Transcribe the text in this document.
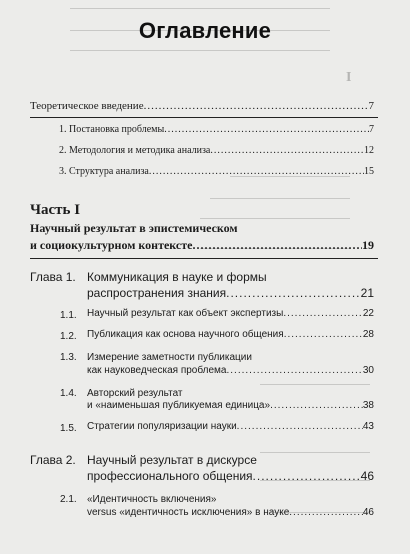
Ι
Оглавление
Теоретическое введение .....	7
1. Постановка проблемы .....	7
2. Методология и методика анализа .....	12
3. Структура анализа .....	15
Часть I
Научный результат в эпистемическом
и социокультурном контексте .....	19
Глава 1. Коммуникация в науке и формы
распространения знания .....	21
1.1. Научный результат как объект экспертизы .....	22
1.2. Публикация как основа научного общения .....	28
1.3. Измерение заметности публикации
как науковедческая проблема .....	30
1.4. Авторский результат
и «наименьшая публикуемая единица» .....	38
1.5. Стратегии популяризации науки .....	43
Глава 2. Научный результат в дискурсе
профессионального общения .....	46
2.1. «Идентичность включения»
versus «идентичность исключения» в науке .....	46
